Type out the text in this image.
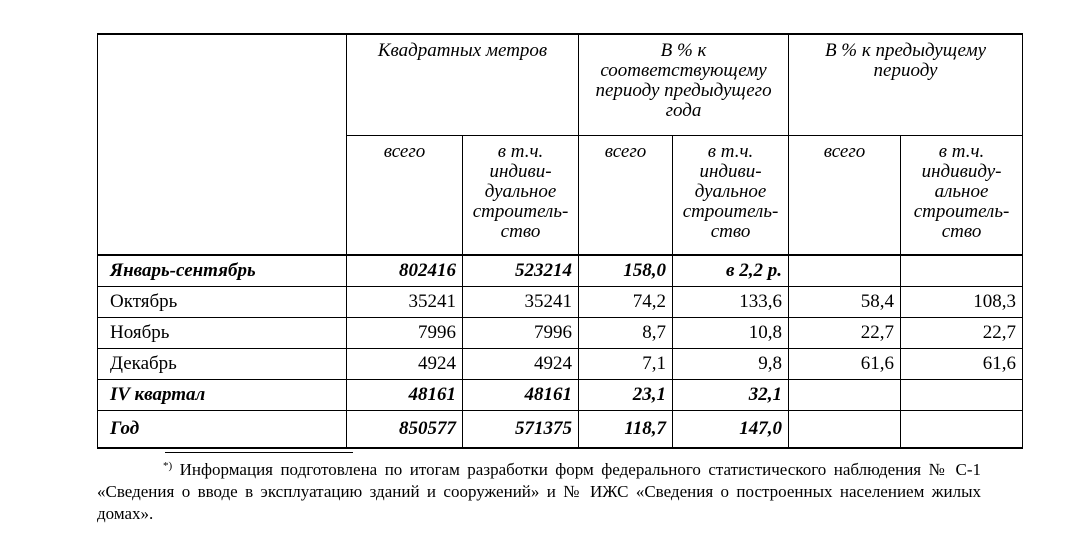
	Квадратных метров		В % к соответствующему периоду предыдущего года		В % к предыдущему периоду	
	всего	в т.ч. индиви-дуальное строитель-ство	всего	в т.ч. индиви-дуальное строитель-ство	всего	в т.ч. индивиду-альное строитель-ство
Январь-сентябрь	802416	523214	158,0	в 2,2 р.		
Октябрь	35241	35241	74,2	133,6	58,4	108,3
Ноябрь	7996	7996	8,7	10,8	22,7	22,7
Декабрь	4924	4924	7,1	9,8	61,6	61,6
IV квартал	48161	48161	23,1	32,1		
Год	850577	571375	118,7	147,0		

*) Информация подготовлена по итогам разработки форм федерального статистического наблюдения № С-1 «Сведения о вводе в эксплуатацию зданий и сооружений» и № ИЖС «Сведения о построенных населением жилых домах».
